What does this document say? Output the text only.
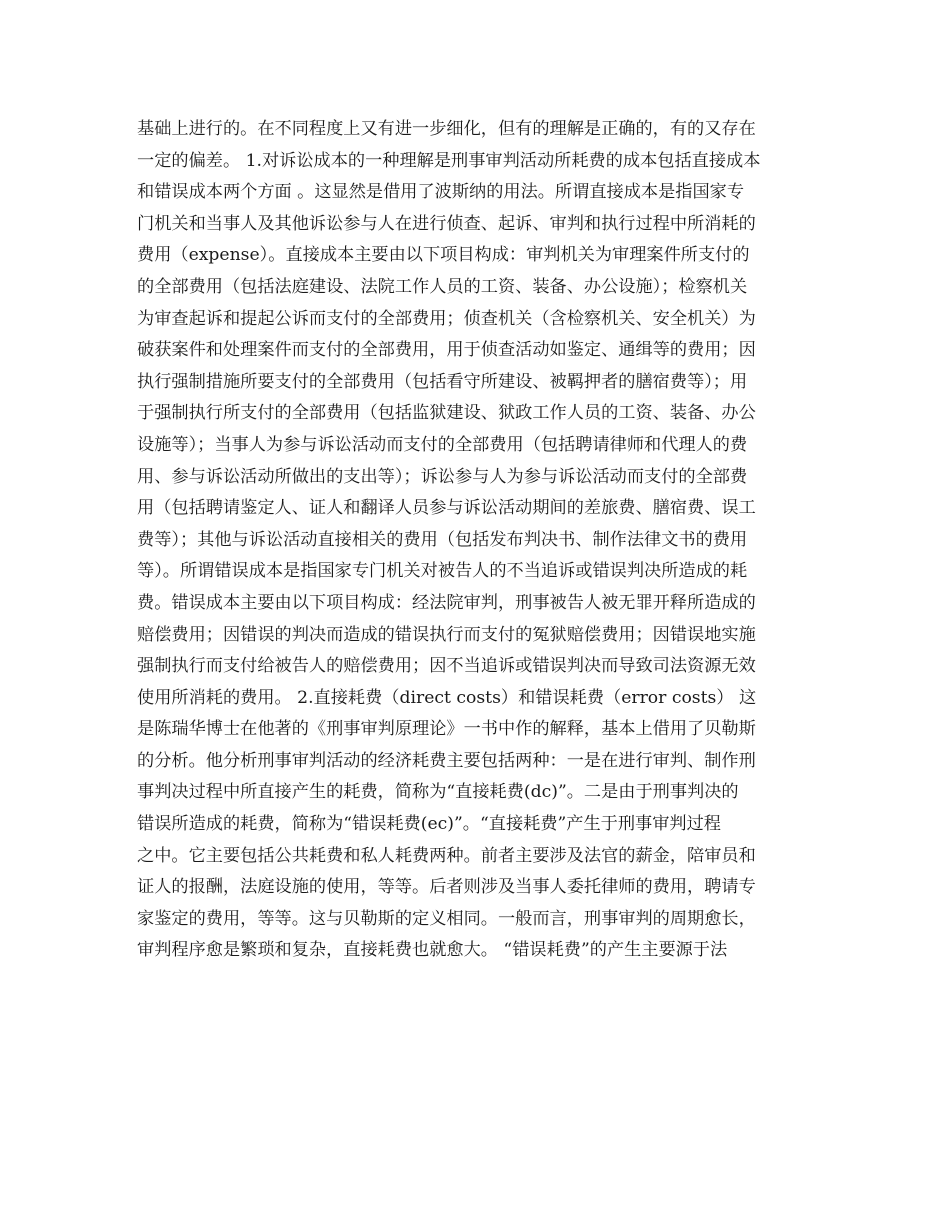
基础上进行的。在不同程度上又有进一步细化，但有的理解是正确的，有的又存在
一定的偏差。 1.对诉讼成本的一种理解是刑事审判活动所耗费的成本包括直接成本
和错误成本两个方面 。这显然是借用了波斯纳的用法。所谓直接成本是指国家专
门机关和当事人及其他诉讼参与人在进行侦查、起诉、审判和执行过程中所消耗的
费用（expense）。直接成本主要由以下项目构成：审判机关为审理案件所支付的
的全部费用（包括法庭建设、法院工作人员的工资、装备、办公设施）；检察机关
为审查起诉和提起公诉而支付的全部费用；侦查机关（含检察机关、安全机关）为
破获案件和处理案件而支付的全部费用，用于侦查活动如鉴定、通缉等的费用；因
执行强制措施所要支付的全部费用（包括看守所建设、被羁押者的膳宿费等）；用
于强制执行所支付的全部费用（包括监狱建设、狱政工作人员的工资、装备、办公
设施等）；当事人为参与诉讼活动而支付的全部费用（包括聘请律师和代理人的费
用、参与诉讼活动所做出的支出等）；诉讼参与人为参与诉讼活动而支付的全部费
用（包括聘请鉴定人、证人和翻译人员参与诉讼活动期间的差旅费、膳宿费、误工
费等）；其他与诉讼活动直接相关的费用（包括发布判决书、制作法律文书的费用
等）。所谓错误成本是指国家专门机关对被告人的不当追诉或错误判决所造成的耗
费。错误成本主要由以下项目构成：经法院审判，刑事被告人被无罪开释所造成的
赔偿费用；因错误的判决而造成的错误执行而支付的冤狱赔偿费用；因错误地实施
强制执行而支付给被告人的赔偿费用；因不当追诉或错误判决而导致司法资源无效
使用所消耗的费用。 2.直接耗费（direct costs）和错误耗费（error costs） 这
是陈瑞华博士在他著的《刑事审判原理论》一书中作的解释，基本上借用了贝勒斯
的分析。他分析刑事审判活动的经济耗费主要包括两种：一是在进行审判、制作刑
事判决过程中所直接产生的耗费，简称为“直接耗费(dc)”。二是由于刑事判决的
错误所造成的耗费，简称为“错误耗费(ec)”。“直接耗费”产生于刑事审判过程
之中。它主要包括公共耗费和私人耗费两种。前者主要涉及法官的薪金，陪审员和
证人的报酬，法庭设施的使用，等等。后者则涉及当事人委托律师的费用，聘请专
家鉴定的费用，等等。这与贝勒斯的定义相同。一般而言，刑事审判的周期愈长，
审判程序愈是繁琐和复杂，直接耗费也就愈大。 “错误耗费”的产生主要源于法
